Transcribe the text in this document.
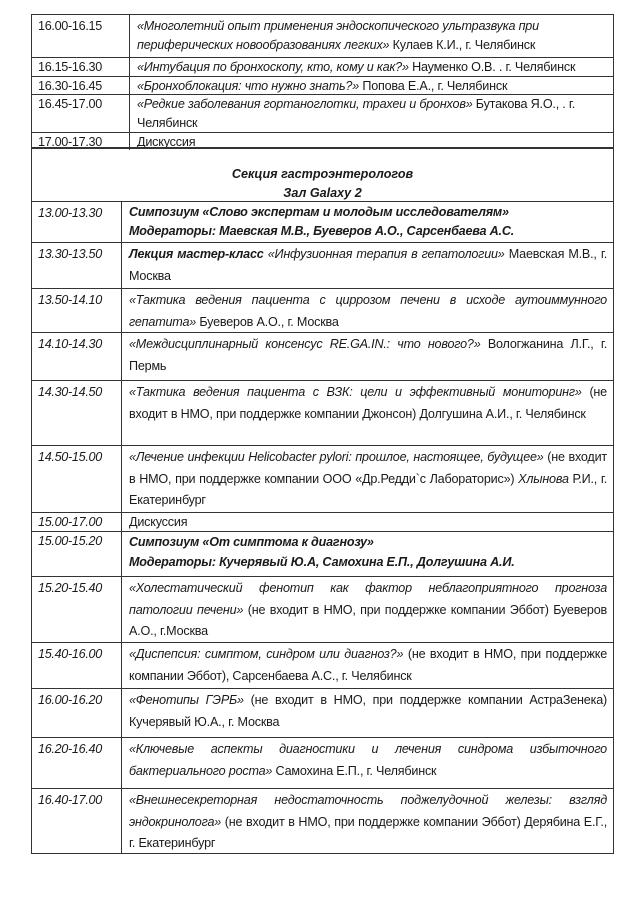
16.00-16.15	«Многолетний опыт применения эндоскопического ультразвука при периферических новообразованиях легких» Кулаев К.И., г. Челябинск
16.15-16.30	«Интубация по бронхоскопу, кто, кому и как?» Науменко О.В. . г. Челябинск
16.30-16.45	«Бронхоблокация: что нужно знать?» Попова Е.А., г. Челябинск
16.45-17.00	«Редкие заболевания гортаноглотки, трахеи и бронхов» Бутакова Я.О., . г. Челябинск
17.00-17.30	Дискуссия
Секция гастроэнтерологов
Зал Galaxy 2
13.00-13.30	Симпозиум «Слово экспертам и молодым исследователям»
Модераторы: Маевская М.В., Буеверов А.О., Сарсенбаева А.С.
13.30-13.50	Лекция мастер-класс «Инфузионная терапия в гепатологии» Маевская М.В., г. Москва
13.50-14.10	«Тактика ведения пациента с циррозом печени в исходе аутоиммунного гепатита» Буеверов А.О., г. Москва
14.10-14.30	«Междисциплинарный консенсус RE.GA.IN.: что нового?» Вологжанина Л.Г., г. Пермь
14.30-14.50	«Тактика ведения пациента с ВЗК: цели и эффективный мониторинг» (не входит в НМО, при поддержке компании Джонсон) Долгушина А.И., г. Челябинск
14.50-15.00	«Лечение инфекции Helicobacter pylori: прошлое, настоящее, будущее» (не входит в НМО, при поддержке компании ООО «Др.Редди`с Лабораторис») Хлынова Р.И., г. Екатеринбург
15.00-17.00	Дискуссия
15.00-15.20	Симпозиум «От симптома к диагнозу»
Модераторы: Кучерявый Ю.А, Самохина Е.П., Долгушина А.И.
15.20-15.40	«Холестатический фенотип как фактор неблагоприятного прогноза патологии печени» (не входит в НМО, при поддержке компании Эббот) Буеверов А.О., г.Москва
15.40-16.00	«Диспепсия: симптом, синдром или диагноз?» (не входит в НМО, при поддержке компании Эббот), Сарсенбаева А.С., г. Челябинск
16.00-16.20	«Фенотипы ГЭРБ» (не входит в НМО, при поддержке компании АстраЗенека) Кучерявый Ю.А., г. Москва
16.20-16.40	«Ключевые аспекты диагностики и лечения синдрома избыточного бактериального роста» Самохина Е.П., г. Челябинск
16.40-17.00	«Внешнесекреторная недостаточность поджелудочной железы: взгляд эндокринолога» (не входит в НМО, при поддержке компании Эббот) Дерябина Е.Г., г. Екатеринбург
